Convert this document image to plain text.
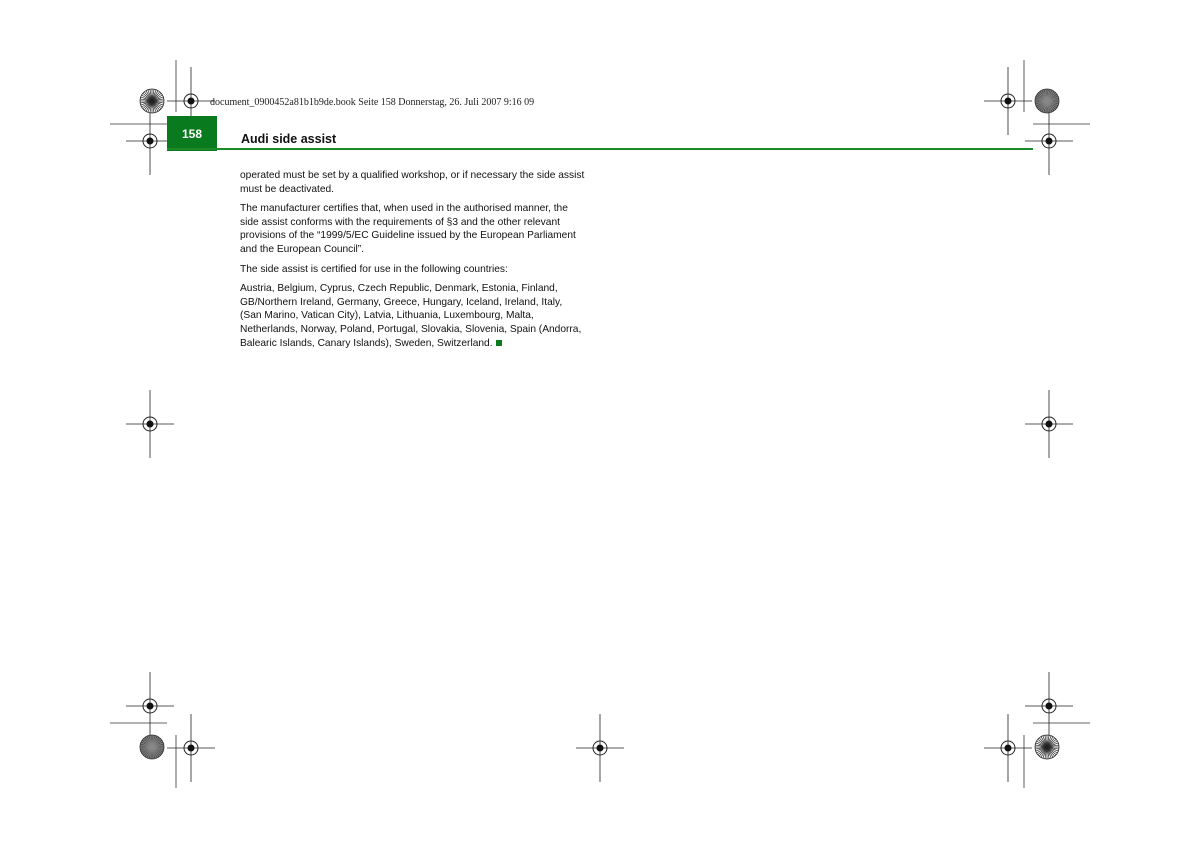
document_0900452a81b1b9de.book Seite 158 Donnerstag, 26. Juli 2007 9:16 09
158	Audi side assist

operated must be set by a qualified workshop, or if necessary the side assist must be deactivated.

The manufacturer certifies that, when used in the authorised manner, the side assist conforms with the requirements of §3 and the other relevant provisions of the “1999/5/EC Guideline issued by the European Parliament and the European Council”.

The side assist is certified for use in the following countries:

Austria, Belgium, Cyprus, Czech Republic, Denmark, Estonia, Finland, GB/Northern Ireland, Germany, Greece, Hungary, Iceland, Ireland, Italy, (San Marino, Vatican City), Latvia, Lithuania, Luxembourg, Malta, Netherlands, Norway, Poland, Portugal, Slovakia, Slovenia, Spain (Andorra, Balearic Islands, Canary Islands), Sweden, Switzerland.
